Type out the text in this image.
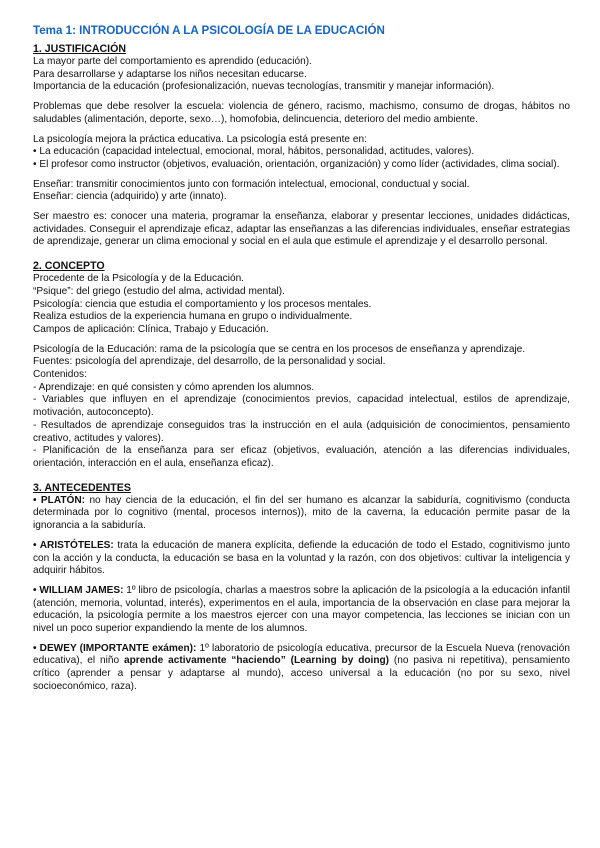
Tema 1: INTRODUCCIÓN A LA PSICOLOGÍA DE LA EDUCACIÓN
1. JUSTIFICACIÓN

La mayor parte del comportamiento es aprendido (educación).

Para desarrollarse y adaptarse los niños necesitan educarse.

Importancia de la educación (profesionalización, nuevas tecnologías, transmitir y manejar información).

Problemas que debe resolver la escuela: violencia de género, racismo, machismo, consumo de drogas, hábitos no saludables (alimentación, deporte, sexo…), homofobia, delincuencia, deterioro del medio ambiente.

La psicología mejora la práctica educativa. La psicología está presente en:

• La educación (capacidad intelectual, emocional, moral, hábitos, personalidad, actitudes, valores).

• El profesor como instructor (objetivos, evaluación, orientación, organización) y como líder (actividades, clima social).

Enseñar: transmitir conocimientos junto con formación intelectual, emocional, conductual y social.

Enseñar: ciencia (adquirido) y arte (innato).

Ser maestro es: conocer una materia, programar la enseñanza, elaborar y presentar lecciones, unidades didácticas, actividades. Conseguir el aprendizaje eficaz, adaptar las enseñanzas a las diferencias individuales, enseñar estrategias de aprendizaje, generar un clima emocional y social en el aula que estimule el aprendizaje y el desarrollo personal.

2. CONCEPTO

Procedente de la Psicología y de la Educación.

“Psique”: del griego (estudio del alma, actividad mental).

Psicología: ciencia que estudia el comportamiento y los procesos mentales.

Realiza estudios de la experiencia humana en grupo o individualmente.

Campos de aplicación: Clínica, Trabajo y Educación.

Psicología de la Educación: rama de la psicología que se centra en los procesos de enseñanza y aprendizaje.

Fuentes: psicología del aprendizaje, del desarrollo, de la personalidad y social.

Contenidos:

- Aprendizaje: en qué consisten y cómo aprenden los alumnos.

- Variables que influyen en el aprendizaje (conocimientos previos, capacidad intelectual, estilos de aprendizaje, motivación, autoconcepto).

- Resultados de aprendizaje conseguidos tras la instrucción en el aula (adquisición de conocimientos, pensamiento creativo, actitudes y valores).

- Planificación de la enseñanza para ser eficaz (objetivos, evaluación, atención a las diferencias individuales, orientación, interacción en el aula, enseñanza eficaz).

3. ANTECEDENTES

• PLATÓN: no hay ciencia de la educación, el fin del ser humano es alcanzar la sabiduría, cognitivismo (conducta determinada por lo cognitivo (mental, procesos internos)), mito de la caverna, la educación permite pasar de la ignorancia a la sabiduría.

• ARISTÓTELES: trata la educación de manera explícita, defiende la educación de todo el Estado, cognitivismo junto con la acción y la conducta, la educación se basa en la voluntad y la razón, con dos objetivos: cultivar la inteligencia y adquirir hábitos.

• WILLIAM JAMES: 1º libro de psicología, charlas a maestros sobre la aplicación de la psicología a la educación infantil (atención, memoria, voluntad, interés), experimentos en el aula, importancia de la observación en clase para mejorar la educación, la psicología permite a los maestros ejercer con una mayor competencia, las lecciones se inician con un nivel un poco superior expandiendo la mente de los alumnos.

• DEWEY (IMPORTANTE exámen): 1º laboratorio de psicología educativa, precursor de la Escuela Nueva (renovación educativa), el niño aprende activamente “haciendo” (Learning by doing) (no pasiva ni repetitiva), pensamiento crítico (aprender a pensar y adaptarse al mundo), acceso universal a la educación (no por su sexo, nivel socioeconómico, raza).
